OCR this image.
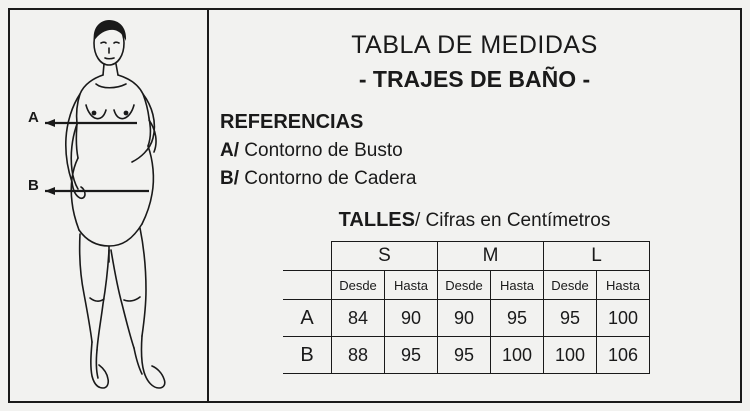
A
B
TABLA DE MEDIDAS
- TRAJES DE BAÑO -
REFERENCIAS
A/ Contorno de Busto
B/ Contorno de Cadera
TALLES/ Cifras en Centímetros
	S		M		L	
	Desde	Hasta	Desde	Hasta	Desde	Hasta
A	84	90	90	95	95	100
B	88	95	95	100	100	106
